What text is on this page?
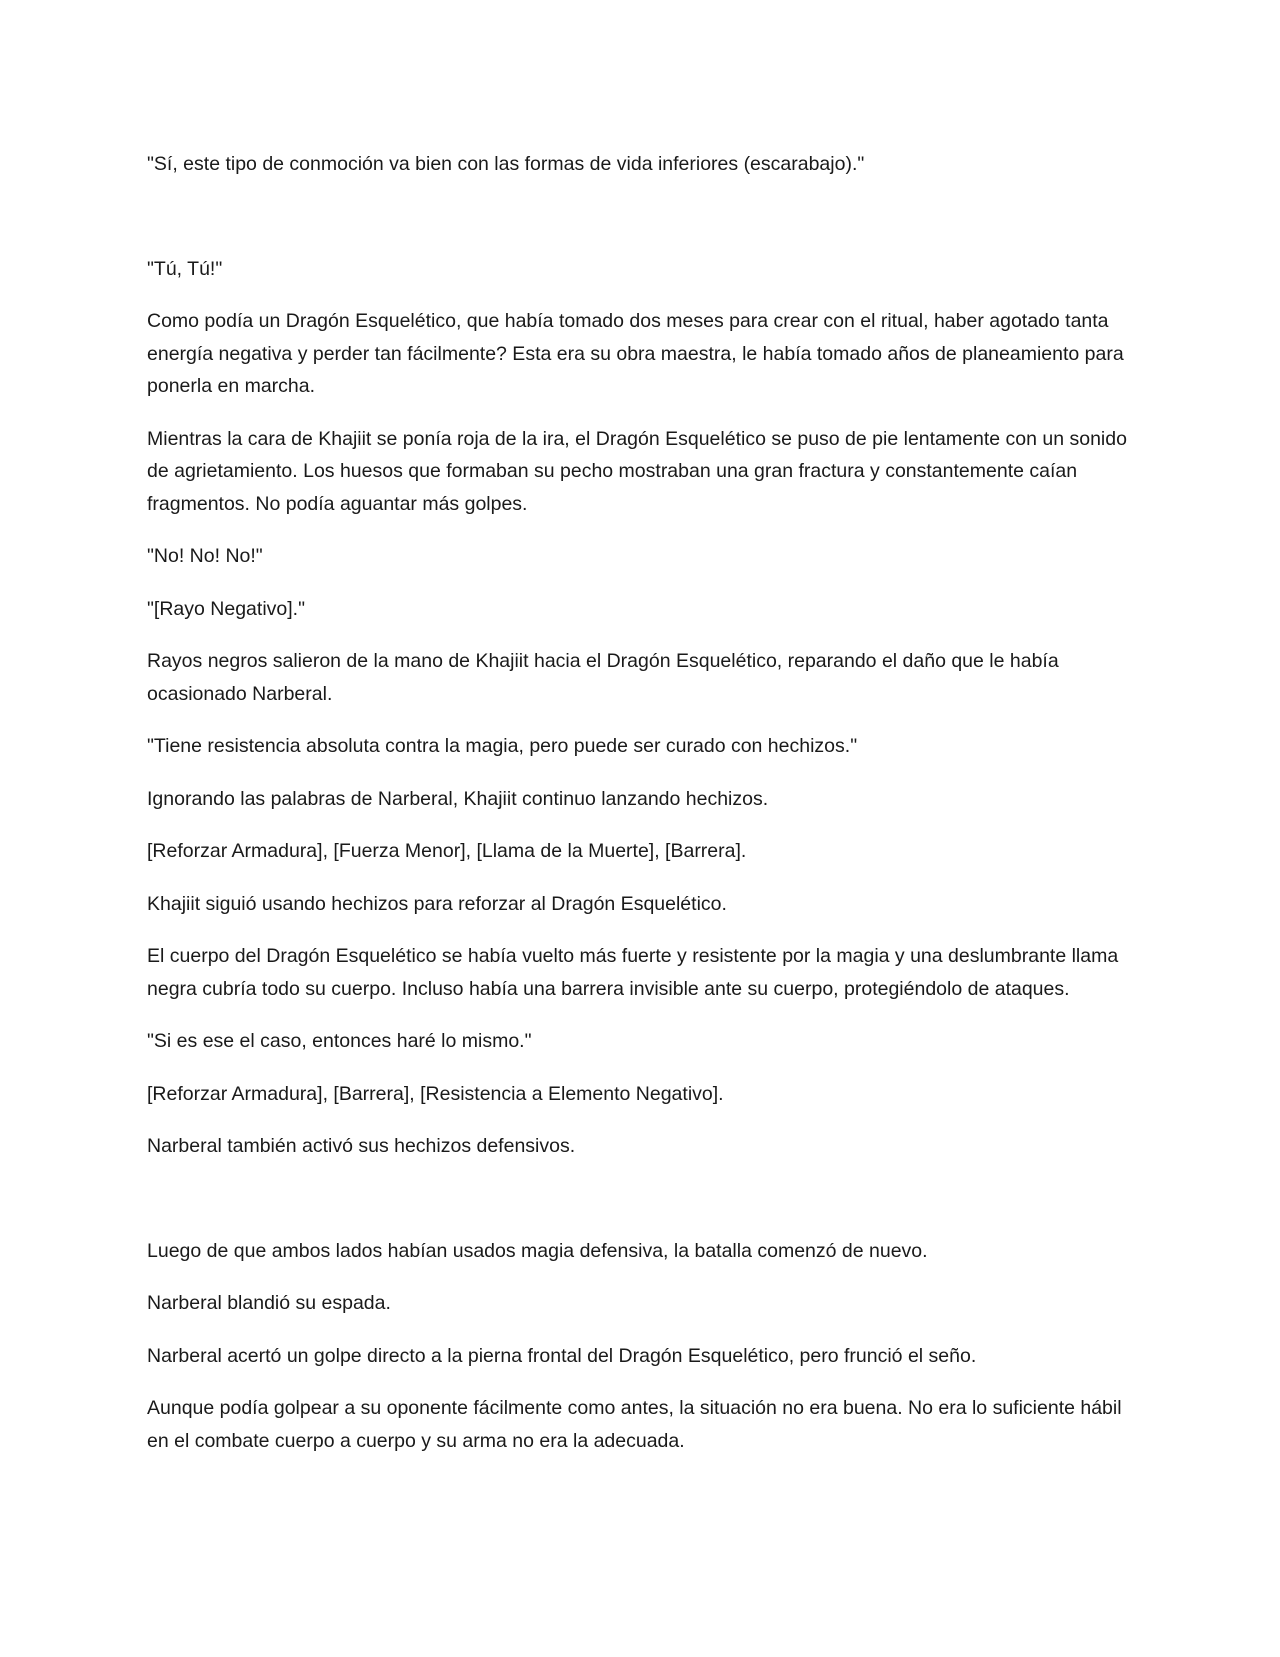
"Sí, este tipo de conmoción va bien con las formas de vida inferiores (escarabajo)."

"Tú, Tú!"

Como podía un Dragón Esquelético, que había tomado dos meses para crear con el ritual, haber agotado tanta energía negativa y perder tan fácilmente? Esta era su obra maestra, le había tomado años de planeamiento para ponerla en marcha.

Mientras la cara de Khajiit se ponía roja de la ira, el Dragón Esquelético se puso de pie lentamente con un sonido de agrietamiento. Los huesos que formaban su pecho mostraban una gran fractura y constantemente caían fragmentos. No podía aguantar más golpes.

"No! No! No!"

"[Rayo Negativo]."

Rayos negros salieron de la mano de Khajiit hacia el Dragón Esquelético, reparando el daño que le había ocasionado Narberal.

"Tiene resistencia absoluta contra la magia, pero puede ser curado con hechizos."

Ignorando las palabras de Narberal, Khajiit continuo lanzando hechizos.

[Reforzar Armadura], [Fuerza Menor], [Llama de la Muerte], [Barrera].

Khajiit siguió usando hechizos para reforzar al Dragón Esquelético.

El cuerpo del Dragón Esquelético se había vuelto más fuerte y resistente por la magia y una deslumbrante llama negra cubría todo su cuerpo. Incluso había una barrera invisible ante su cuerpo, protegiéndolo de ataques.

"Si es ese el caso, entonces haré lo mismo."

[Reforzar Armadura], [Barrera], [Resistencia a Elemento Negativo].

Narberal también activó sus hechizos defensivos.

Luego de que ambos lados habían usados magia defensiva, la batalla comenzó de nuevo.

Narberal blandió su espada.

Narberal acertó un golpe directo a la pierna frontal del Dragón Esquelético, pero frunció el seño.

Aunque podía golpear a su oponente fácilmente como antes, la situación no era buena. No era lo suficiente hábil en el combate cuerpo a cuerpo y su arma no era la adecuada.
